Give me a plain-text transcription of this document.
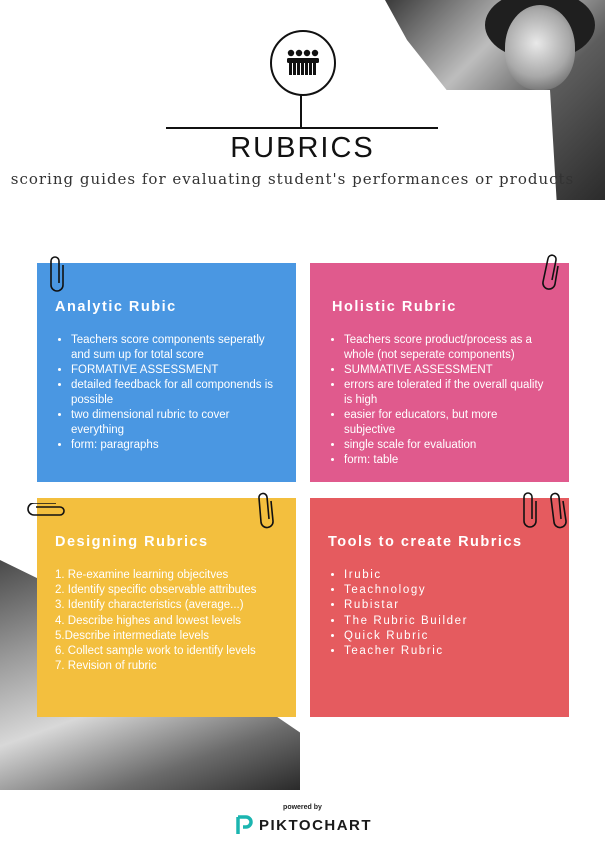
RUBRICS
scoring guides for evaluating student's performances or products
Analytic Rubic
• Teachers score components seperatly and sum up for total score
• FORMATIVE ASSESSMENT
• detailed feedback for all componends is possible
• two dimensional rubric to cover everything
• form: paragraphs
Holistic Rubric
• Teachers score product/process as a whole (not seperate components)
• SUMMATIVE ASSESSMENT
• errors are tolerated if the overall quality is high
• easier for educators, but more subjective
• single scale for evaluation
• form: table
Designing Rubrics
1. Re-examine learning objecitves
2. Identify specific observable attributes
3. Identify characteristics (average...)
4. Describe highes and lowest levels
5.Describe intermediate levels
6. Collect sample work to identify levels
7. Revision of rubric
Tools to create Rubrics
• Irubic
• Teachnology
• Rubistar
• The Rubric Builder
• Quick Rubric
• Teacher Rubric
powered by
PIKTOCHART
